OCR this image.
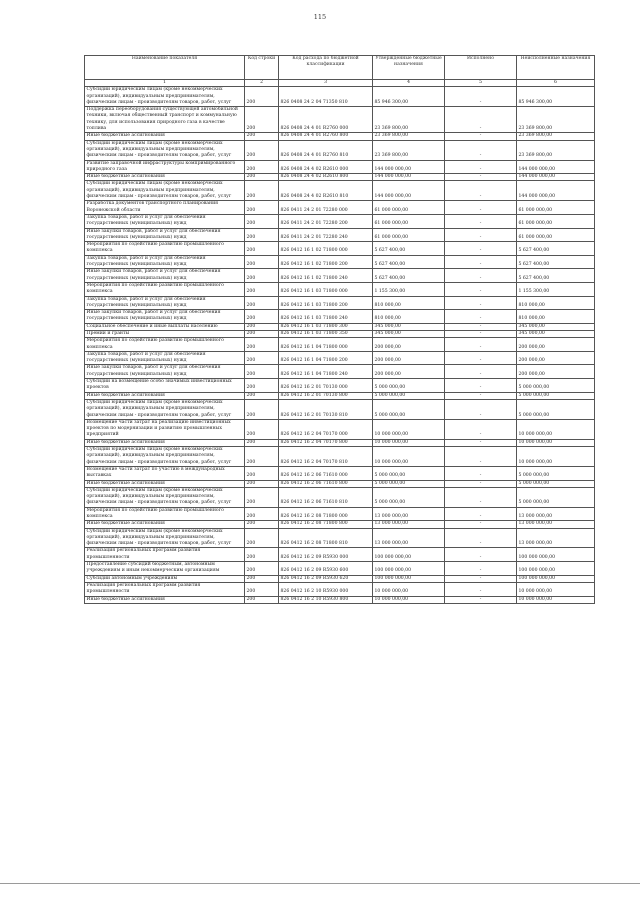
115
Наименование показателя	Код строки	Код расхода по бюджетной классификации	Утвержденные бюджетные назначения	Исполнено	Неисполненные назначения
1	2	3	4	5	6
Субсидии юридическим лицам (кроме некоммерческих организаций), индивидуальным предпринимателям, физическим лицам - производителям товаров, работ, услуг	200	826 0408 24 2 04 71350 810	85 946 300,00	-	85 946 300,00
Поддержка переоборудования существующей автомобильной техники, включая общественный транспорт и коммунальную технику, для использования природного газа в качестве топлива	200	826 0408 24 4 01 R2760 000	23 369 800,00	-	23 369 800,00
Иные бюджетные ассигнования	200	826 0408 24 4 01 R2760 800	23 369 800,00	-	23 369 800,00
Субсидии юридическим лицам (кроме некоммерческих организаций), индивидуальным предпринимателям, физическим лицам - производителям товаров, работ, услуг	200	826 0408 24 4 01 R2760 810	23 369 800,00	-	23 369 800,00
Развитие заправочной инфраструктуры компримированного природного газа	200	826 0408 24 4 02 R2610 000	144 000 000,00	-	144 000 000,00
Иные бюджетные ассигнования	200	826 0408 24 4 02 R2610 800	144 000 000,00	-	144 000 000,00
Субсидии юридическим лицам (кроме некоммерческих организаций), индивидуальным предпринимателям, физическим лицам - производителям товаров, работ, услуг	200	826 0408 24 4 02 R2610 810	144 000 000,00	-	144 000 000,00
Разработка документов транспортного планирования Воронежской области	200	826 0411 24 2 01 72280 000	61 000 000,00	-	61 000 000,00
Закупка товаров, работ и услуг для обеспечения государственных (муниципальных) нужд	200	826 0411 24 2 01 72280 200	61 000 000,00	-	61 000 000,00
Иные закупки товаров, работ и услуг для обеспечения государственных (муниципальных) нужд	200	826 0411 24 2 01 72280 240	61 000 000,00	-	61 000 000,00
Мероприятия по содействию развитию промышленного комплекса	200	826 0412 16 1 02 71800 000	5 627 400,00	-	5 627 400,00
Закупка товаров, работ и услуг для обеспечения государственных (муниципальных) нужд	200	826 0412 16 1 02 71800 200	5 627 400,00	-	5 627 400,00
Иные закупки товаров, работ и услуг для обеспечения государственных (муниципальных) нужд	200	826 0412 16 1 02 71800 240	5 627 400,00	-	5 627 400,00
Мероприятия по содействию развитию промышленного комплекса	200	826 0412 16 1 03 71800 000	1 155 300,00	-	1 155 300,00
Закупка товаров, работ и услуг для обеспечения государственных (муниципальных) нужд	200	826 0412 16 1 03 71800 200	810 000,00	-	810 000,00
Иные закупки товаров, работ и услуг для обеспечения государственных (муниципальных) нужд	200	826 0412 16 1 03 71800 240	810 000,00	-	810 000,00
Социальное обеспечение и иные выплаты населению	200	826 0412 16 1 03 71800 300	345 000,00	-	345 000,00
Премии и гранты	200	826 0412 16 1 03 71800 350	345 000,00	-	345 000,00
Мероприятия по содействию развитию промышленного комплекса	200	826 0412 16 1 04 71800 000	200 000,00	-	200 000,00
Закупка товаров, работ и услуг для обеспечения государственных (муниципальных) нужд	200	826 0412 16 1 04 71800 200	200 000,00	-	200 000,00
Иные закупки товаров, работ и услуг для обеспечения государственных (муниципальных) нужд	200	826 0412 16 1 04 71800 240	200 000,00	-	200 000,00
Субсидии на возмещение особо значимых инвестиционных проектов	200	826 0412 16 2 01 70130 000	5 000 000,00	-	5 000 000,00
Иные бюджетные ассигнования	200	826 0412 16 2 01 70130 800	5 000 000,00	-	5 000 000,00
Субсидии юридическим лицам (кроме некоммерческих организаций), индивидуальным предпринимателям, физическим лицам - производителям товаров, работ, услуг	200	826 0412 16 2 01 70130 810	5 000 000,00	-	5 000 000,00
Возмещение части затрат на реализацию инвестиционных проектов по модернизации и развитию промышленных предприятий	200	826 0412 16 2 04 70170 000	10 000 000,00	-	10 000 000,00
Иные бюджетные ассигнования	200	826 0412 16 2 04 70170 800	10 000 000,00	-	10 000 000,00
Субсидии юридическим лицам (кроме некоммерческих организаций), индивидуальным предпринимателям, физическим лицам - производителям товаров, работ, услуг	200	826 0412 16 2 04 70170 810	10 000 000,00	-	10 000 000,00
Возмещение части затрат по участию в международных выставках	200	826 0412 16 2 06 71610 000	5 000 000,00	-	5 000 000,00
Иные бюджетные ассигнования	200	826 0412 16 2 06 71610 800	5 000 000,00	-	5 000 000,00
Субсидии юридическим лицам (кроме некоммерческих организаций), индивидуальным предпринимателям, физическим лицам - производителям товаров, работ, услуг	200	826 0412 16 2 06 71610 810	5 000 000,00	-	5 000 000,00
Мероприятия по содействию развитию промышленного комплекса	200	826 0412 16 2 08 71800 000	13 000 000,00	-	13 000 000,00
Иные бюджетные ассигнования	200	826 0412 16 2 08 71800 800	13 000 000,00	-	13 000 000,00
Субсидии юридическим лицам (кроме некоммерческих организаций), индивидуальным предпринимателям, физическим лицам - производителям товаров, работ, услуг	200	826 0412 16 2 08 71800 810	13 000 000,00	-	13 000 000,00
Реализация региональных программ развития промышленности	200	826 0412 16 2 09 R5930 000	100 000 000,00	-	100 000 000,00
Предоставление субсидий бюджетным, автономным учреждениям и иным некоммерческим организациям	200	826 0412 16 2 09 R5930 600	100 000 000,00	-	100 000 000,00
Субсидии автономным учреждениям	200	826 0412 16 2 09 R5930 620	100 000 000,00	-	100 000 000,00
Реализация региональных программ развития промышленности	200	826 0412 16 2 10 R5930 000	10 000 000,00	-	10 000 000,00
Иные бюджетные ассигнования	200	826 0412 16 2 10 R5930 800	10 000 000,00	-	10 000 000,00
